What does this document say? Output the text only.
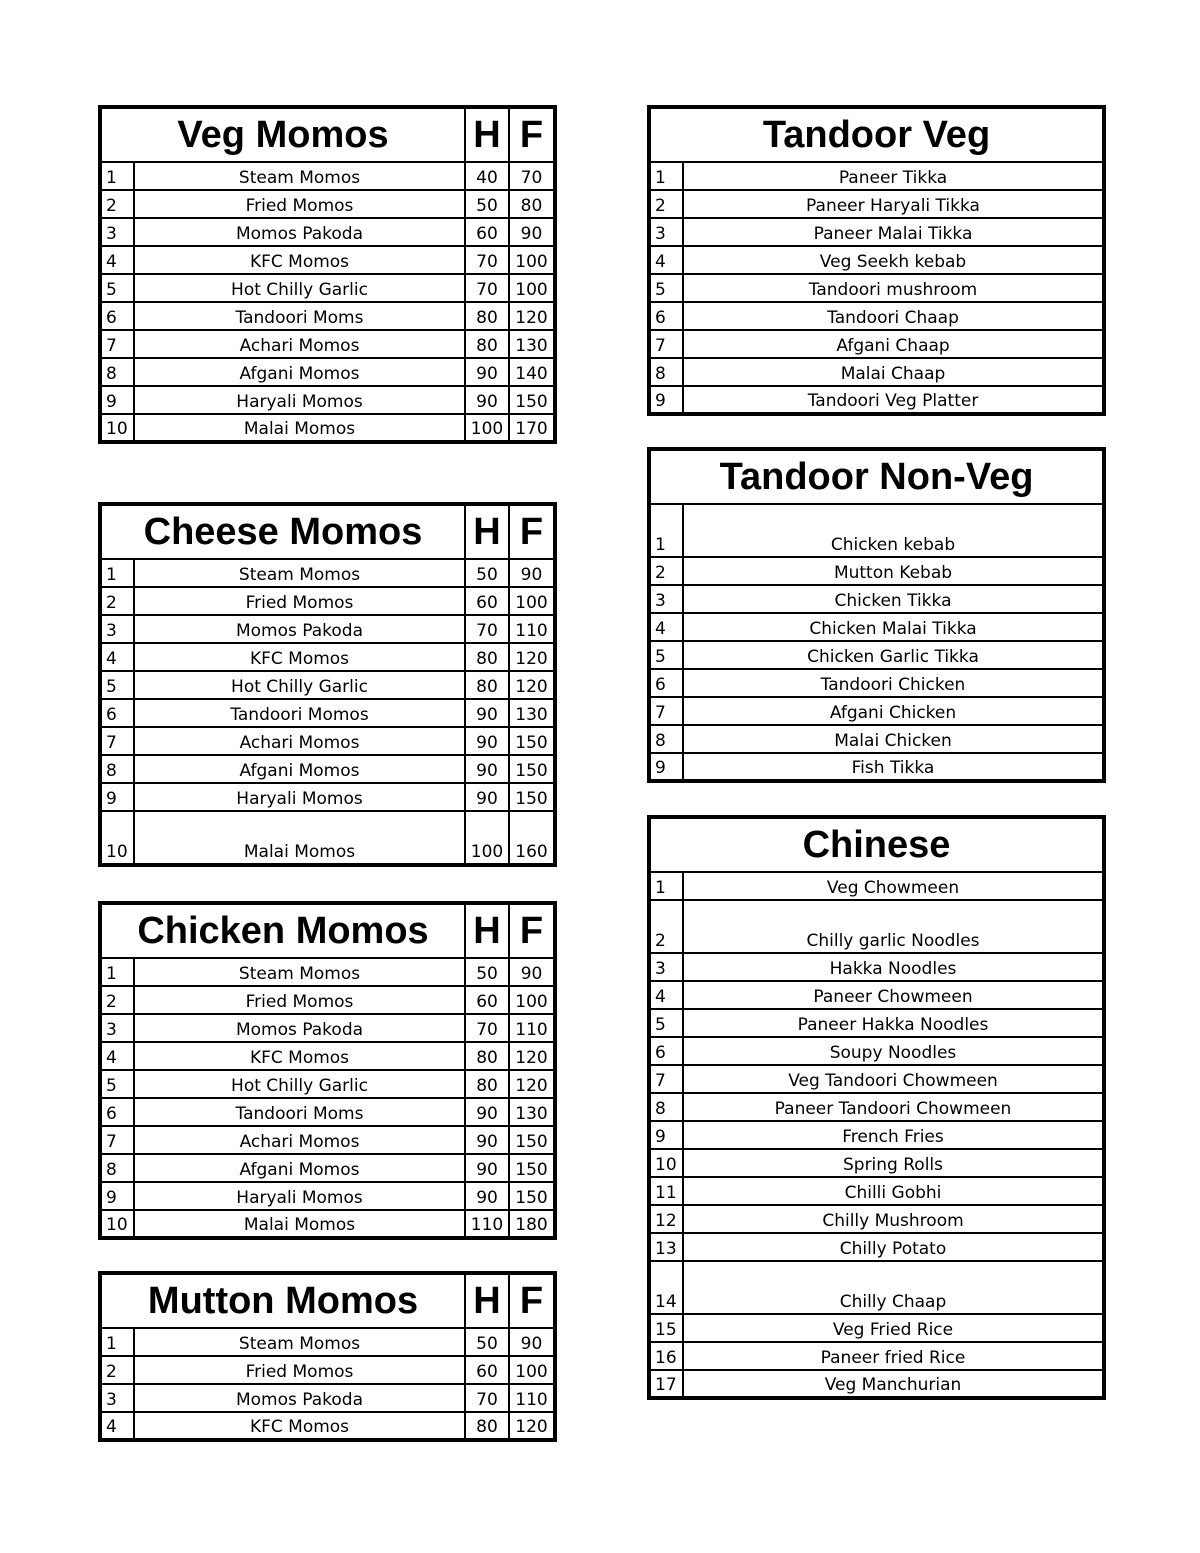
Veg Momos		H	F
1	Steam Momos	40	70
2	Fried Momos	50	80
3	Momos Pakoda	60	90
4	KFC Momos	70	100
5	Hot Chilly Garlic	70	100
6	Tandoori Moms	80	120
7	Achari Momos	80	130
8	Afgani Momos	90	140
9	Haryali Momos	90	150
10	Malai Momos	100	170
Cheese Momos		H	F
1	Steam Momos	50	90
2	Fried Momos	60	100
3	Momos Pakoda	70	110
4	KFC Momos	80	120
5	Hot Chilly Garlic	80	120
6	Tandoori Momos	90	130
7	Achari Momos	90	150
8	Afgani Momos	90	150
9	Haryali Momos	90	150
10	Malai Momos	100	160
Chicken Momos		H	F
1	Steam Momos	50	90
2	Fried Momos	60	100
3	Momos Pakoda	70	110
4	KFC Momos	80	120
5	Hot Chilly Garlic	80	120
6	Tandoori Moms	90	130
7	Achari Momos	90	150
8	Afgani Momos	90	150
9	Haryali Momos	90	150
10	Malai Momos	110	180
Mutton Momos		H	F
1	Steam Momos	50	90
2	Fried Momos	60	100
3	Momos Pakoda	70	110
4	KFC Momos	80	120
Tandoor Veg	
1	Paneer Tikka
2	Paneer Haryali Tikka
3	Paneer Malai Tikka
4	Veg Seekh kebab
5	Tandoori mushroom
6	Tandoori Chaap
7	Afgani Chaap
8	Malai Chaap
9	Tandoori Veg Platter
Tandoor Non-Veg	
1	Chicken kebab
2	Mutton Kebab
3	Chicken Tikka
4	Chicken Malai Tikka
5	Chicken Garlic Tikka
6	Tandoori Chicken
7	Afgani Chicken
8	Malai Chicken
9	Fish Tikka
Chinese	
1	Veg Chowmeen
2	Chilly garlic Noodles
3	Hakka Noodles
4	Paneer Chowmeen
5	Paneer Hakka Noodles
6	Soupy Noodles
7	Veg Tandoori Chowmeen
8	Paneer Tandoori Chowmeen
9	French Fries
10	Spring Rolls
11	Chilli Gobhi
12	Chilly Mushroom
13	Chilly Potato
14	Chilly Chaap
15	Veg Fried Rice
16	Paneer fried Rice
17	Veg Manchurian
